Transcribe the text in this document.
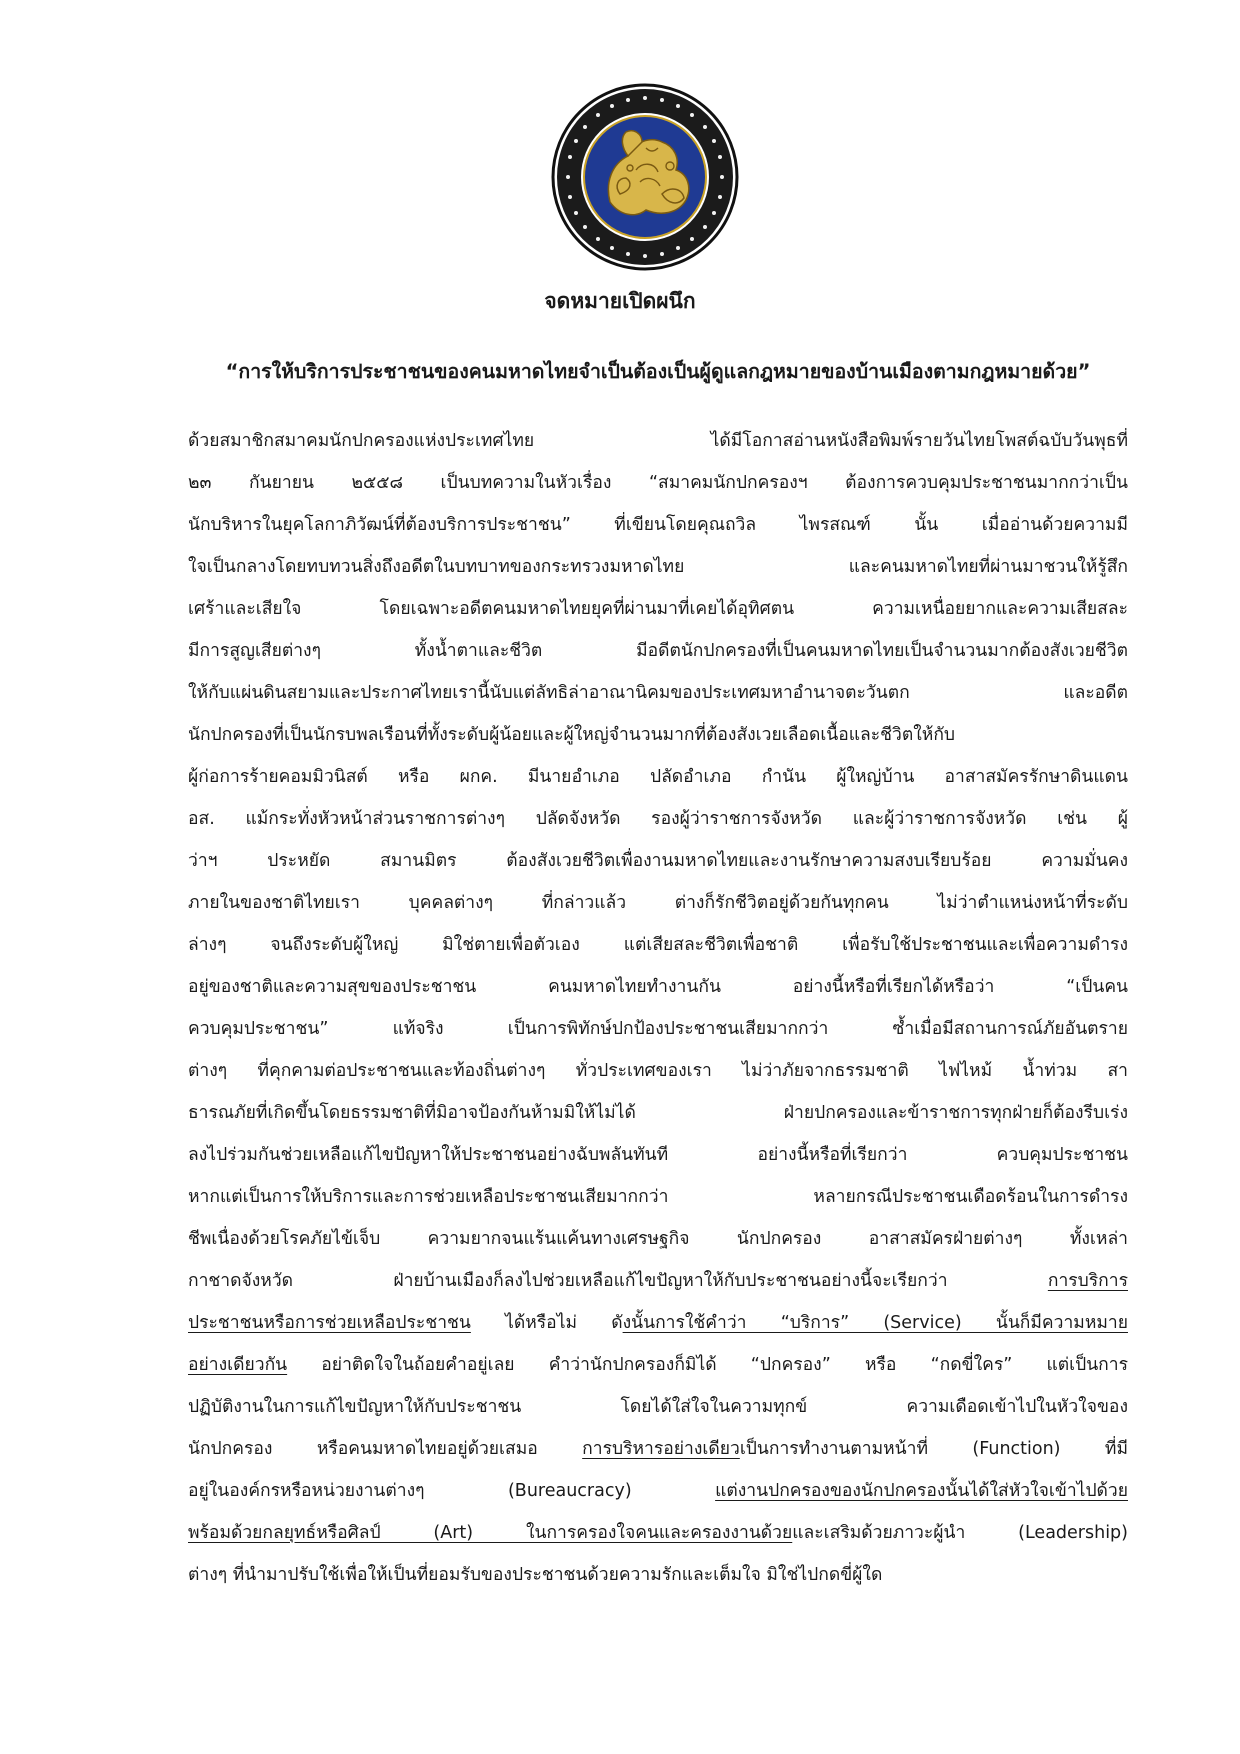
จดหมายเปิดผนึก
“การให้บริการประชาชนของคนมหาดไทยจำเป็นต้องเป็นผู้ดูแลกฎหมายของบ้านเมืองตามกฎหมายด้วย”
ด้วยสมาชิกสมาคมนักปกครองแห่งประเทศไทย ได้มีโอกาสอ่านหนังสือพิมพ์รายวันไทยโพสต์ฉบับวันพุธที่
๒๓ กันยายน ๒๕๕๘ เป็นบทความในหัวเรื่อง “สมาคมนักปกครองฯ ต้องการควบคุมประชาชนมากกว่าเป็น
นักบริหารในยุคโลกาภิวัฒน์ที่ต้องบริการประชาชน” ที่เขียนโดยคุณถวิล ไพรสณฑ์ นั้น เมื่ออ่านด้วยความมี
ใจเป็นกลางโดยทบทวนสิ่งถึงอดีตในบทบาทของกระทรวงมหาดไทย และคนมหาดไทยที่ผ่านมาชวนให้รู้สึก
เศร้าและเสียใจ โดยเฉพาะอดีตคนมหาดไทยยุคที่ผ่านมาที่เคยได้อุทิศตน ความเหนื่อยยากและความเสียสละ
มีการสูญเสียต่างๆ ทั้งน้ำตาและชีวิต มีอดีตนักปกครองที่เป็นคนมหาดไทยเป็นจำนวนมากต้องสังเวยชีวิต
ให้กับแผ่นดินสยามและประกาศไทยเรานี้นับแต่ลัทธิล่าอาณานิคมของประเทศมหาอำนาจตะวันตก และอดีต
นักปกครองที่เป็นนักรบพลเรือนที่ทั้งระดับผู้น้อยและผู้ใหญ่จำนวนมากที่ต้องสังเวยเลือดเนื้อและชีวิตให้กับ
ผู้ก่อการร้ายคอมมิวนิสต์ หรือ ผกค. มีนายอำเภอ ปลัดอำเภอ กำนัน ผู้ใหญ่บ้าน อาสาสมัครรักษาดินแดน
อส. แม้กระทั่งหัวหน้าส่วนราชการต่างๆ ปลัดจังหวัด รองผู้ว่าราชการจังหวัด และผู้ว่าราชการจังหวัด เช่น ผู้
ว่าฯ ประหยัด สมานมิตร ต้องสังเวยชีวิตเพื่องานมหาดไทยและงานรักษาความสงบเรียบร้อย ความมั่นคง
ภายในของชาติไทยเรา บุคคลต่างๆ ที่กล่าวแล้ว ต่างก็รักชีวิตอยู่ด้วยกันทุกคน ไม่ว่าตำแหน่งหน้าที่ระดับ
ล่างๆ จนถึงระดับผู้ใหญ่ มิใช่ตายเพื่อตัวเอง แต่เสียสละชีวิตเพื่อชาติ เพื่อรับใช้ประชาชนและเพื่อความดำรง
อยู่ของชาติและความสุขของประชาชน คนมหาดไทยทำงานกัน อย่างนี้หรือที่เรียกได้หรือว่า “เป็นคน
ควบคุมประชาชน” แท้จริง เป็นการพิทักษ์ปกป้องประชาชนเสียมากกว่า ซ้ำเมื่อมีสถานการณ์ภัยอันตราย
ต่างๆ ที่คุกคามต่อประชาชนและท้องถิ่นต่างๆ ทั่วประเทศของเรา ไม่ว่าภัยจากธรรมชาติ ไฟไหม้ น้ำท่วม สา
ธารณภัยที่เกิดขึ้นโดยธรรมชาติที่มิอาจป้องกันห้ามมิให้ไม่ได้ ฝ่ายปกครองและข้าราชการทุกฝ่ายก็ต้องรีบเร่ง
ลงไปร่วมกันช่วยเหลือแก้ไขปัญหาให้ประชาชนอย่างฉับพลันทันที อย่างนี้หรือที่เรียกว่า ควบคุมประชาชน
หากแต่เป็นการให้บริการและการช่วยเหลือประชาชนเสียมากกว่า หลายกรณีประชาชนเดือดร้อนในการดำรง
ชีพเนื่องด้วยโรคภัยไข้เจ็บ ความยากจนแร้นแค้นทางเศรษฐกิจ นักปกครอง อาสาสมัครฝ่ายต่างๆ ทั้งเหล่า
กาชาดจังหวัด ฝ่ายบ้านเมืองก็ลงไปช่วยเหลือแก้ไขปัญหาให้กับประชาชนอย่างนี้จะเรียกว่า การบริการ
ประชาชนหรือการช่วยเหลือประชาชน ได้หรือไม่ ดังนั้นการใช้คำว่า “บริการ” (Service) นั้นก็มีความหมาย
อย่างเดียวกัน อย่าติดใจในถ้อยคำอยู่เลย คำว่านักปกครองก็มิได้ “ปกครอง” หรือ “กดขี่ใคร” แต่เป็นการ
ปฏิบัติงานในการแก้ไขปัญหาให้กับประชาชน โดยได้ใส่ใจในความทุกข์ ความเดือดเข้าไปในหัวใจของ
นักปกครอง หรือคนมหาดไทยอยู่ด้วยเสมอ การบริหารอย่างเดียวเป็นการทำงานตามหน้าที่ (Function) ที่มี
อยู่ในองค์กรหรือหน่วยงานต่างๆ (Bureaucracy) แต่งานปกครองของนักปกครองนั้นได้ใส่หัวใจเข้าไปด้วย
พร้อมด้วยกลยุทธ์หรือศิลป์ (Art) ในการครองใจคนและครองงานด้วยและเสริมด้วยภาวะผู้นำ (Leadership)
ต่างๆ ที่นำมาปรับใช้เพื่อให้เป็นที่ยอมรับของประชาชนด้วยความรักและเต็มใจ มิใช่ไปกดขี่ผู้ใด
